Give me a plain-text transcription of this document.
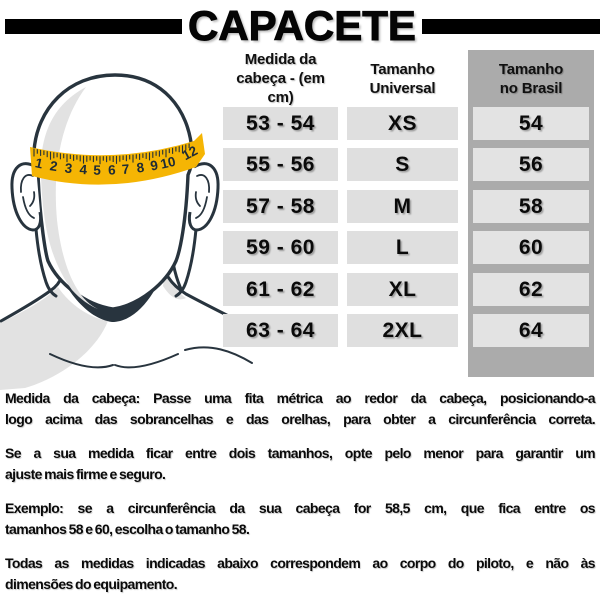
CAPACETE
1 2 3 4 5 6 7 8 9 10 12
Medida da
cabeça - (em cm)
53 - 54
55 - 56
57 - 58
59 - 60
61 - 62
63 - 64
Tamanho
Universal
XS
S
M
L
XL
2XL
Tamanho
no Brasil
54
56
58
60
62
64

Medida da cabeça: Passe uma fita métrica ao redor da cabeça, posicionando-a
logo acima das sobrancelhas e das orelhas, para obter a circunferência correta.

Se a sua medida ficar entre dois tamanhos, opte pelo menor para garantir um
ajuste mais firme e seguro.

Exemplo: se a circunferência da sua cabeça for 58,5 cm, que fica entre os
tamanhos 58 e 60, escolha o tamanho 58.

Todas as medidas indicadas abaixo correspondem ao corpo do piloto, e não às
dimensões do equipamento.
